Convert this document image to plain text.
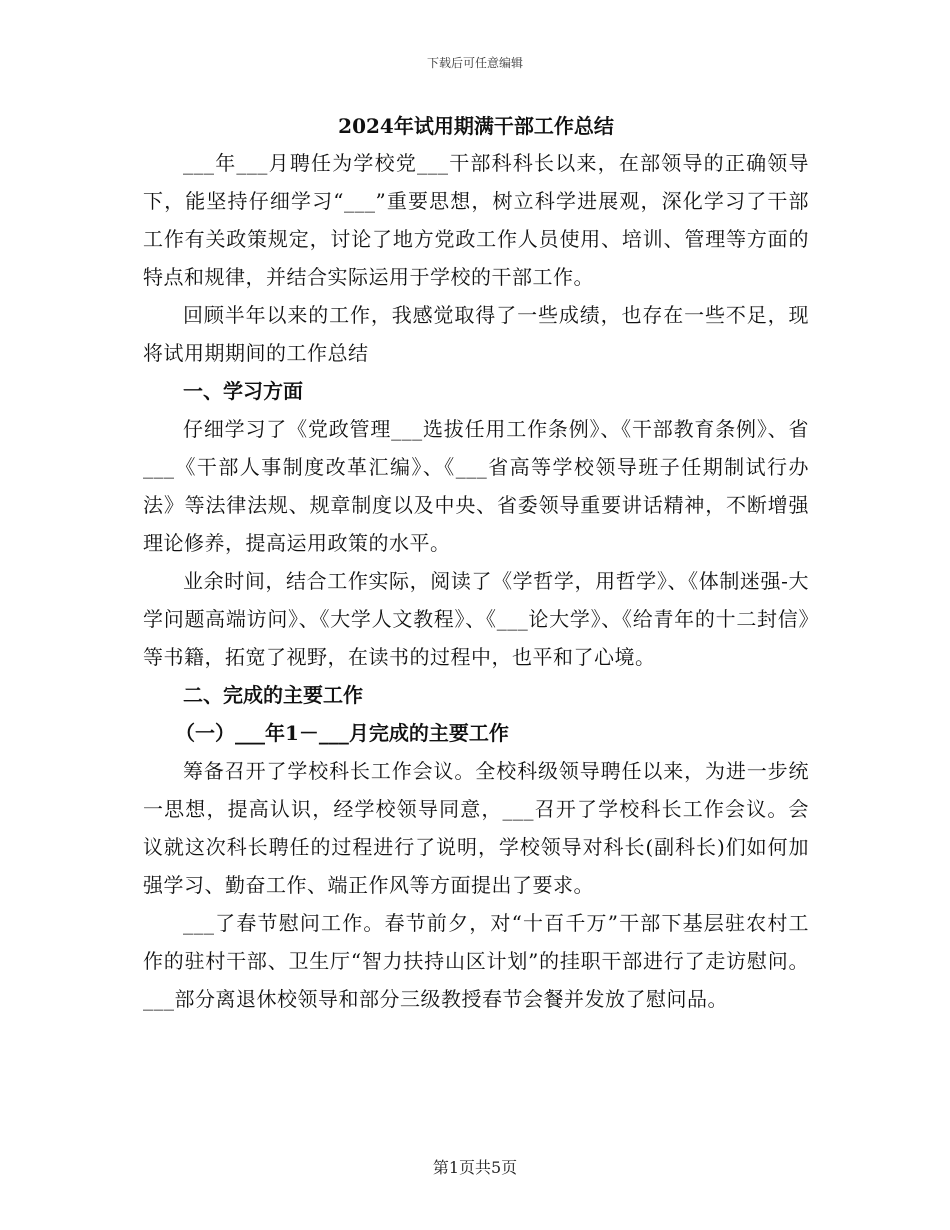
下载后可任意编辑
2024年试用期满干部工作总结

___年___月聘任为学校党___干部科科长以来，在部领导的正确领导下，能坚持仔细学习“___”重要思想，树立科学进展观，深化学习了干部工作有关政策规定，讨论了地方党政工作人员使用、培训、管理等方面的特点和规律，并结合实际运用于学校的干部工作。

回顾半年以来的工作，我感觉取得了一些成绩，也存在一些不足，现将试用期期间的工作总结

一、学习方面

仔细学习了《党政管理___选拔任用工作条例》、《干部教育条例》、省___《干部人事制度改革汇编》、《___省高等学校领导班子任期制试行办法》等法律法规、规章制度以及中央、省委领导重要讲话精神，不断增强理论修养，提高运用政策的水平。

业余时间，结合工作实际，阅读了《学哲学，用哲学》、《体制迷强-大学问题高端访问》、《大学人文教程》、《___论大学》、《给青年的十二封信》等书籍，拓宽了视野，在读书的过程中，也平和了心境。

二、完成的主要工作

（一）___年1－___月完成的主要工作

筹备召开了学校科长工作会议。全校科级领导聘任以来，为进一步统一思想，提高认识，经学校领导同意，___召开了学校科长工作会议。会议就这次科长聘任的过程进行了说明，学校领导对科长(副科长)们如何加强学习、勤奋工作、端正作风等方面提出了要求。

___了春节慰问工作。春节前夕，对“十百千万”干部下基层驻农村工作的驻村干部、卫生厅“智力扶持山区计划”的挂职干部进行了走访慰问。___部分离退休校领导和部分三级教授春节会餐并发放了慰问品。

第1页共5页
